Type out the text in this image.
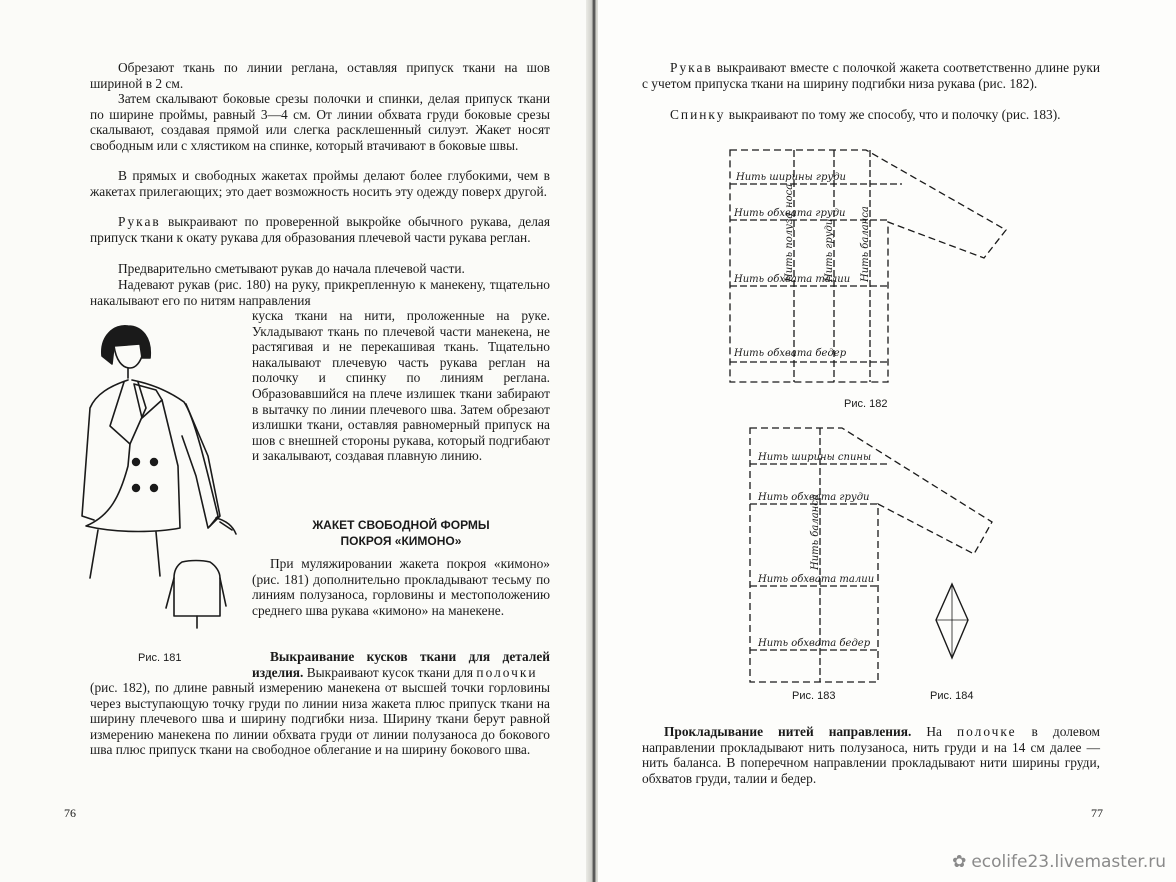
Обрезают ткань по линии реглана, оставляя припуск ткани на шов шириной в 2 см.

Затем скалывают боковые срезы полочки и спинки, делая припуск ткани по ширине проймы, равный 3—4 см. От линии обхвата груди боковые срезы скалывают, создавая прямой или слегка расклешенный силуэт. Жакет носят свободным или с хлястиком на спинке, который втачивают в боковые швы.

В прямых и свободных жакетах проймы делают более глубокими, чем в жакетах прилегающих; это дает возможность носить эту одежду поверх другой.

Рукав выкраивают по проверенной выкройке обычного рукава, делая припуск ткани к окату рукава для образования плечевой части рукава реглан.

Предварительно сметывают рукав до начала плечевой части.

Надевают рукав (рис. 180) на руку, прикрепленную к манекену, тщательно накалывают его по нитям направления

куска ткани на нити, проложенные на руке. Укладывают ткань по плечевой части манекена, не растягивая и не перекашивая ткань. Тщательно накалывают плечевую часть рукава реглан на полочку и спинку по линиям реглана. Образовавшийся на плече излишек ткани забирают в вытачку по линии плечевого шва. Затем обрезают излишки ткани, оставляя равномерный припуск на шов с внешней стороны рукава, который подгибают и закалывают, создавая плавную линию.

ЖАКЕТ СВОБОДНОЙ ФОРМЫ
ПОКРОЯ «КИМОНО»

При муляжировании жакета покроя «кимоно» (рис. 181) дополнительно прокладывают тесьму по линиям полузаноса, горловины и местоположению среднего шва рукава «кимоно» на манекене.

Выкраивание кусков ткани для деталей изделия. Выкраивают кусок ткани для полочки

(рис. 182), по длине равный измерению манекена от высшей точки горловины через выступающую точку груди по линии низа жакета плюс припуск ткани на ширину плечевого шва и ширину подгибки низа. Ширину ткани берут равной измерению манекена по линии обхвата груди от линии полузаноса до бокового шва плюс припуск ткани на свободное облегание и на ширину бокового шва.

Рис. 181
76

Рукав выкраивают вместе с полочкой жакета соответственно длине руки с учетом припуска ткани на ширину подгибки низа рукава (рис. 182).

Спинку выкраивают по тому же способу, что и полочку (рис. 183).

Нить ширины груди
Нить обхвата груди
Нить обхвата талии
Нить обхвата бедер
Нить полуза
носа
Нить груди	Нить баланса
Рис. 182
Нить ширины спины
Нить обхвата груди
Нить обхвата талии
Нить обхвата бедер
Нить баланса
Рис. 183	Рис. 184

Прокладывание нитей направления. На полочке в долевом направлении прокладывают нить полузаноса, нить груди и на 14 см далее — нить баланса. В поперечном направлении прокладывают нити ширины груди, обхватов груди, талии и бедер.

77
✿ ecolife23.livemaster.ru
